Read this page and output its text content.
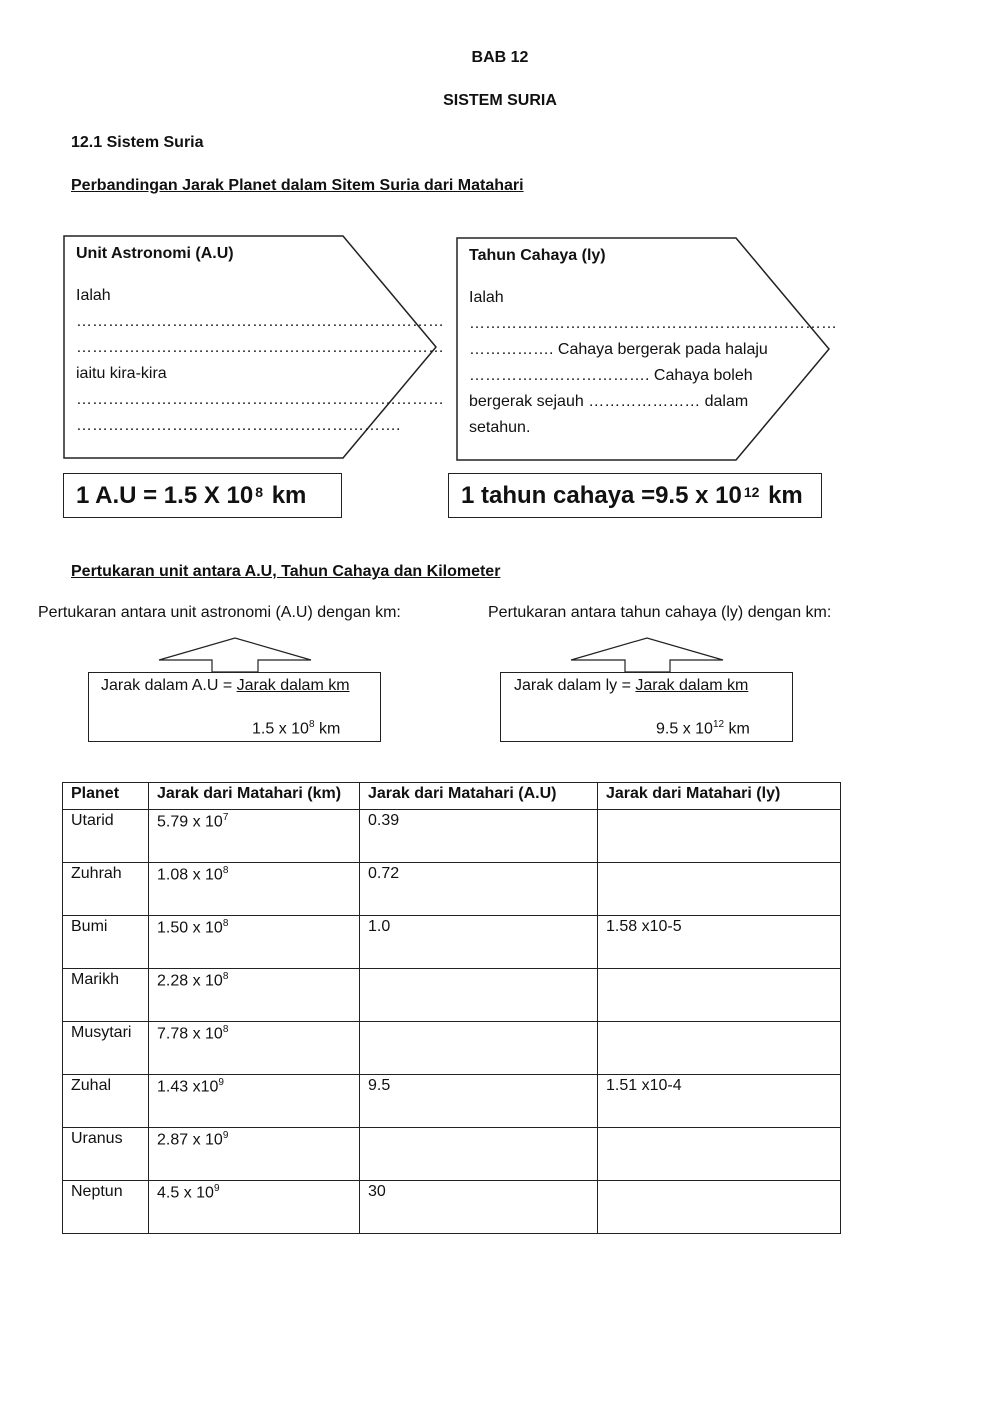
BAB 12
SISTEM SURIA
12.1 Sistem Suria
Perbandingan Jarak Planet dalam Sitem Suria dari Matahari
Unit Astronomi (A.U)
Ialah
……………………………………………………………
……………………………………………………………
iaitu kira-kira
……………………………………………………………
…………………………………………………….
Tahun Cahaya (ly)
Ialah
……………………………………………………………
……………. Cahaya bergerak pada halaju
……………………………. Cahaya boleh
bergerak sejauh ………………… dalam
setahun.
1 A.U = 1.5 X $10^8$
km	1 tahun cahaya =9.5 x $10^{12}$
km
Pertukaran unit antara A.U, Tahun Cahaya dan Kilometer
Pertukaran antara unit astronomi (A.U) dengan km:	Pertukaran antara tahun cahaya (ly) dengan km:
Jarak dalam A.U = Jarak dalam km
1.5 x $10^8$ km
Jarak dalam ly = Jarak dalam km
9.5 x $10^{12}$ km
Planet	Jarak dari Matahari (km)	Jarak dari Matahari (A.U)	Jarak dari Matahari (ly)
Utarid	5.79 x $10^7$	0.39	
Zuhrah	1.08 x $10^8$	0.72	
Bumi	1.50 x $10^8$	1.0	1.58 x10-5
Marikh	2.28 x $10^8$		
Musytari	7.78 x $10^8$		
Zuhal	1.43 $x10^9$	9.5	1.51 x10-4
Uranus	2.87 x $10^9$		
Neptun	4.5 x $10^9$	30	
